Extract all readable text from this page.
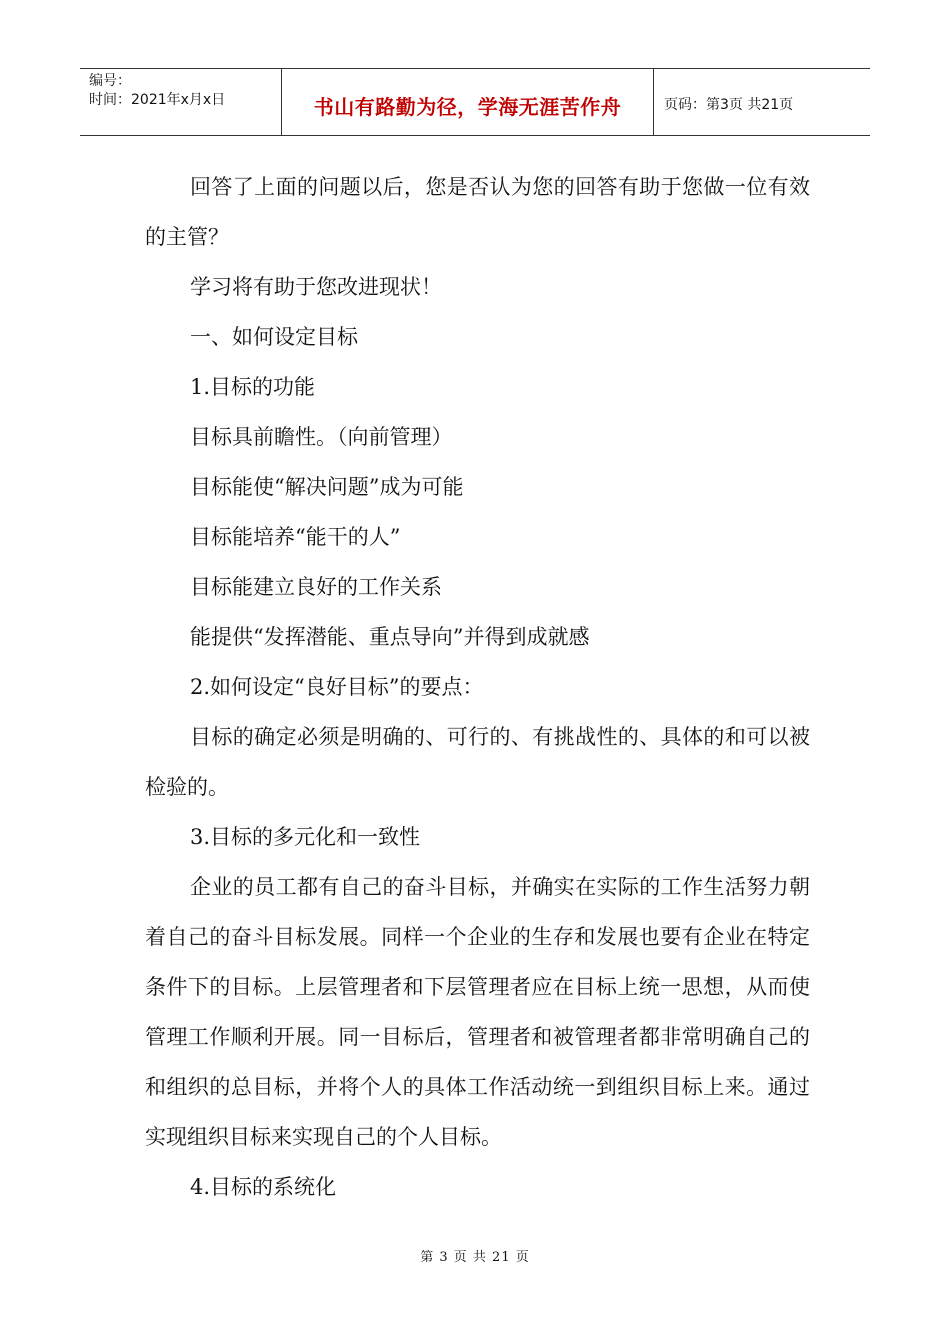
编号：
时间：2021年x月x日	书山有路勤为径，学海无涯苦作舟	页码：第3页 共21页

回答了上面的问题以后，您是否认为您的回答有助于您做一位有效的主管？

学习将有助于您改进现状！

一、如何设定目标

1.目标的功能

目标具前瞻性。（向前管理）

目标能使“解决问题”成为可能

目标能培养“能干的人”

目标能建立良好的工作关系

能提供“发挥潜能、重点导向”并得到成就感

2.如何设定“良好目标”的要点：

目标的确定必须是明确的、可行的、有挑战性的、具体的和可以被检验的。

3.目标的多元化和一致性

企业的员工都有自己的奋斗目标，并确实在实际的工作生活努力朝着自己的奋斗目标发展。同样一个企业的生存和发展也要有企业在特定条件下的目标。上层管理者和下层管理者应在目标上统一思想，从而使管理工作顺利开展。同一目标后，管理者和被管理者都非常明确自己的和组织的总目标，并将个人的具体工作活动统一到组织目标上来。通过实现组织目标来实现自己的个人目标。

4.目标的系统化

第 3 页 共 21 页
